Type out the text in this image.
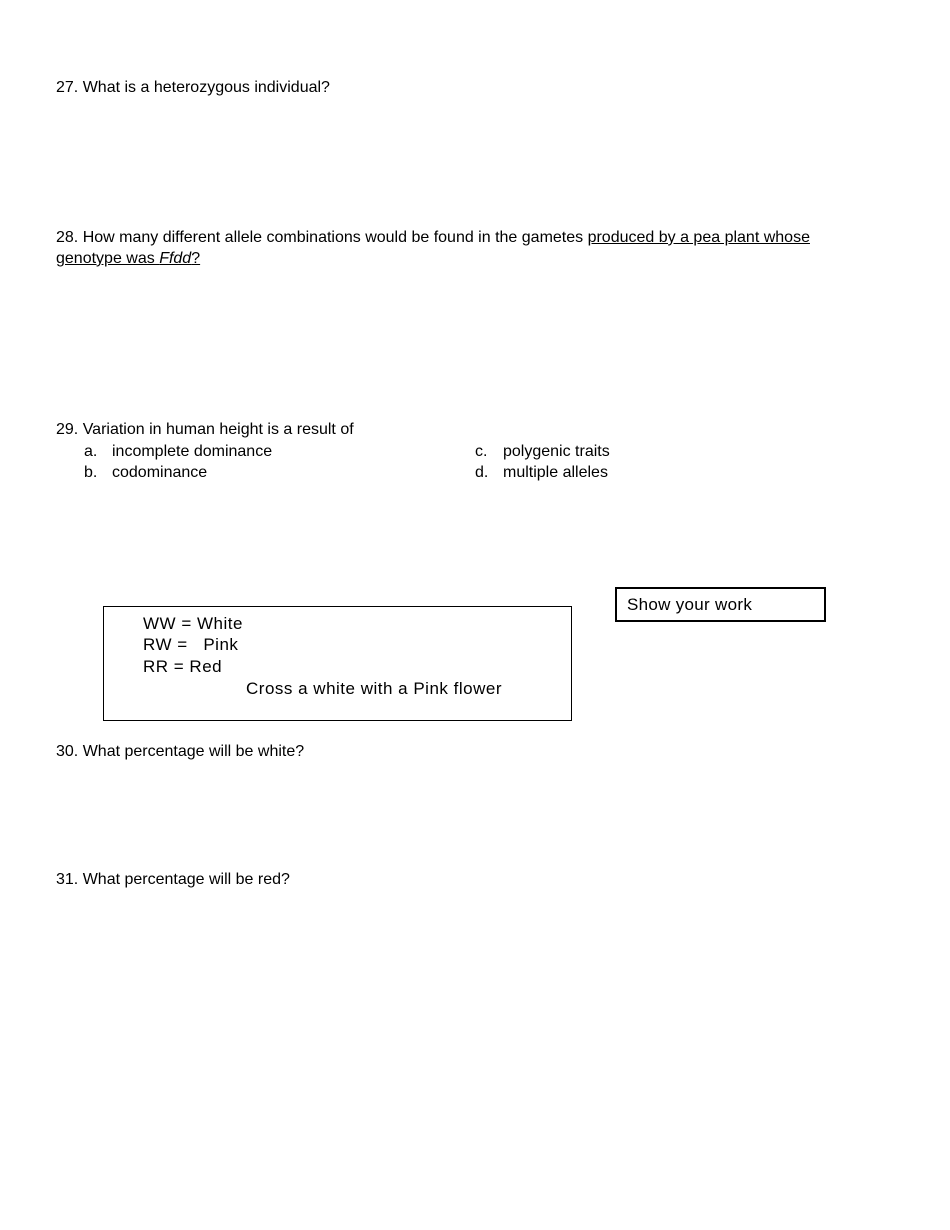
27. What is a heterozygous individual?
28. How many different allele combinations would be found in the gametes produced by a pea plant whose genotype was Ffdd?
29. Variation in human height is a result of
a. incomplete dominance
b. codominance
c. polygenic traits
d. multiple alleles
Show your work
WW = White
RW =   Pink
RR = Red
Cross a white with a Pink flower
30. What percentage will be white?
31. What percentage will be red?
